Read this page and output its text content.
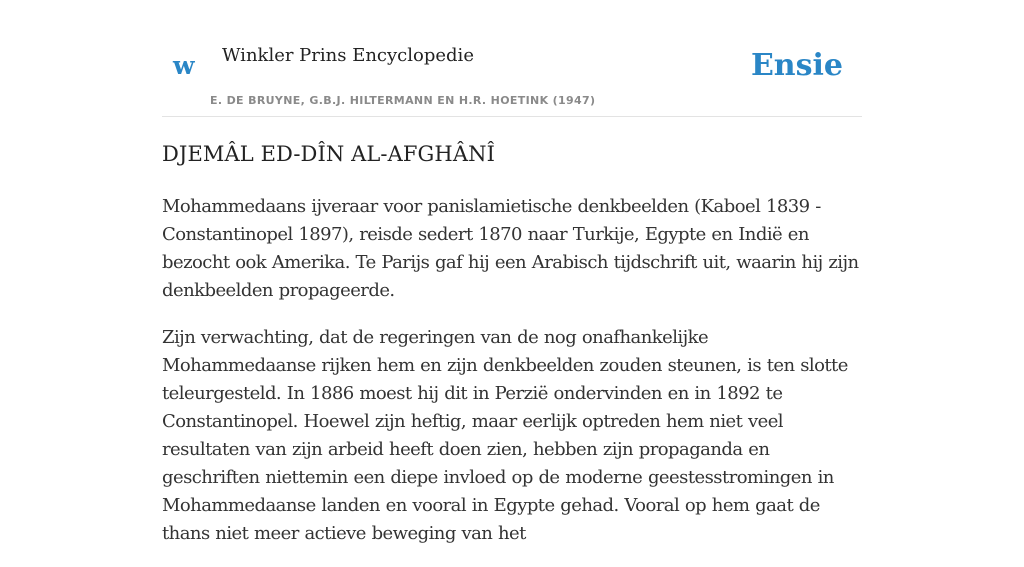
w Winkler Prins Encyclopedie
E. DE BRUYNE, G.B.J. HILTERMANN EN H.R. HOETINK (1947)
Ensie
DJEMÂL ED-DÎN AL-AFGHÂNÎ

Mohammedaans ijveraar voor panislamietische denkbeelden (Kaboel 1839 - Constantinopel 1897), reisde sedert 1870 naar Turkije, Egypte en Indië en bezocht ook Amerika. Te Parijs gaf hij een Arabisch tijdschrift uit, waarin hij zijn denkbeelden propageerde.

Zijn verwachting, dat de regeringen van de nog onafhankelijke Mohammedaanse rijken hem en zijn denkbeelden zouden steunen, is ten slotte teleurgesteld. In 1886 moest hij dit in Perzië ondervinden en in 1892 te Constantinopel. Hoewel zijn heftig, maar eerlijk optreden hem niet veel resultaten van zijn arbeid heeft doen zien, hebben zijn propaganda en geschriften niettemin een diepe invloed op de moderne geestesstromingen in Mohammedaanse landen en vooral in Egypte gehad. Vooral op hem gaat de thans niet meer actieve beweging van het
